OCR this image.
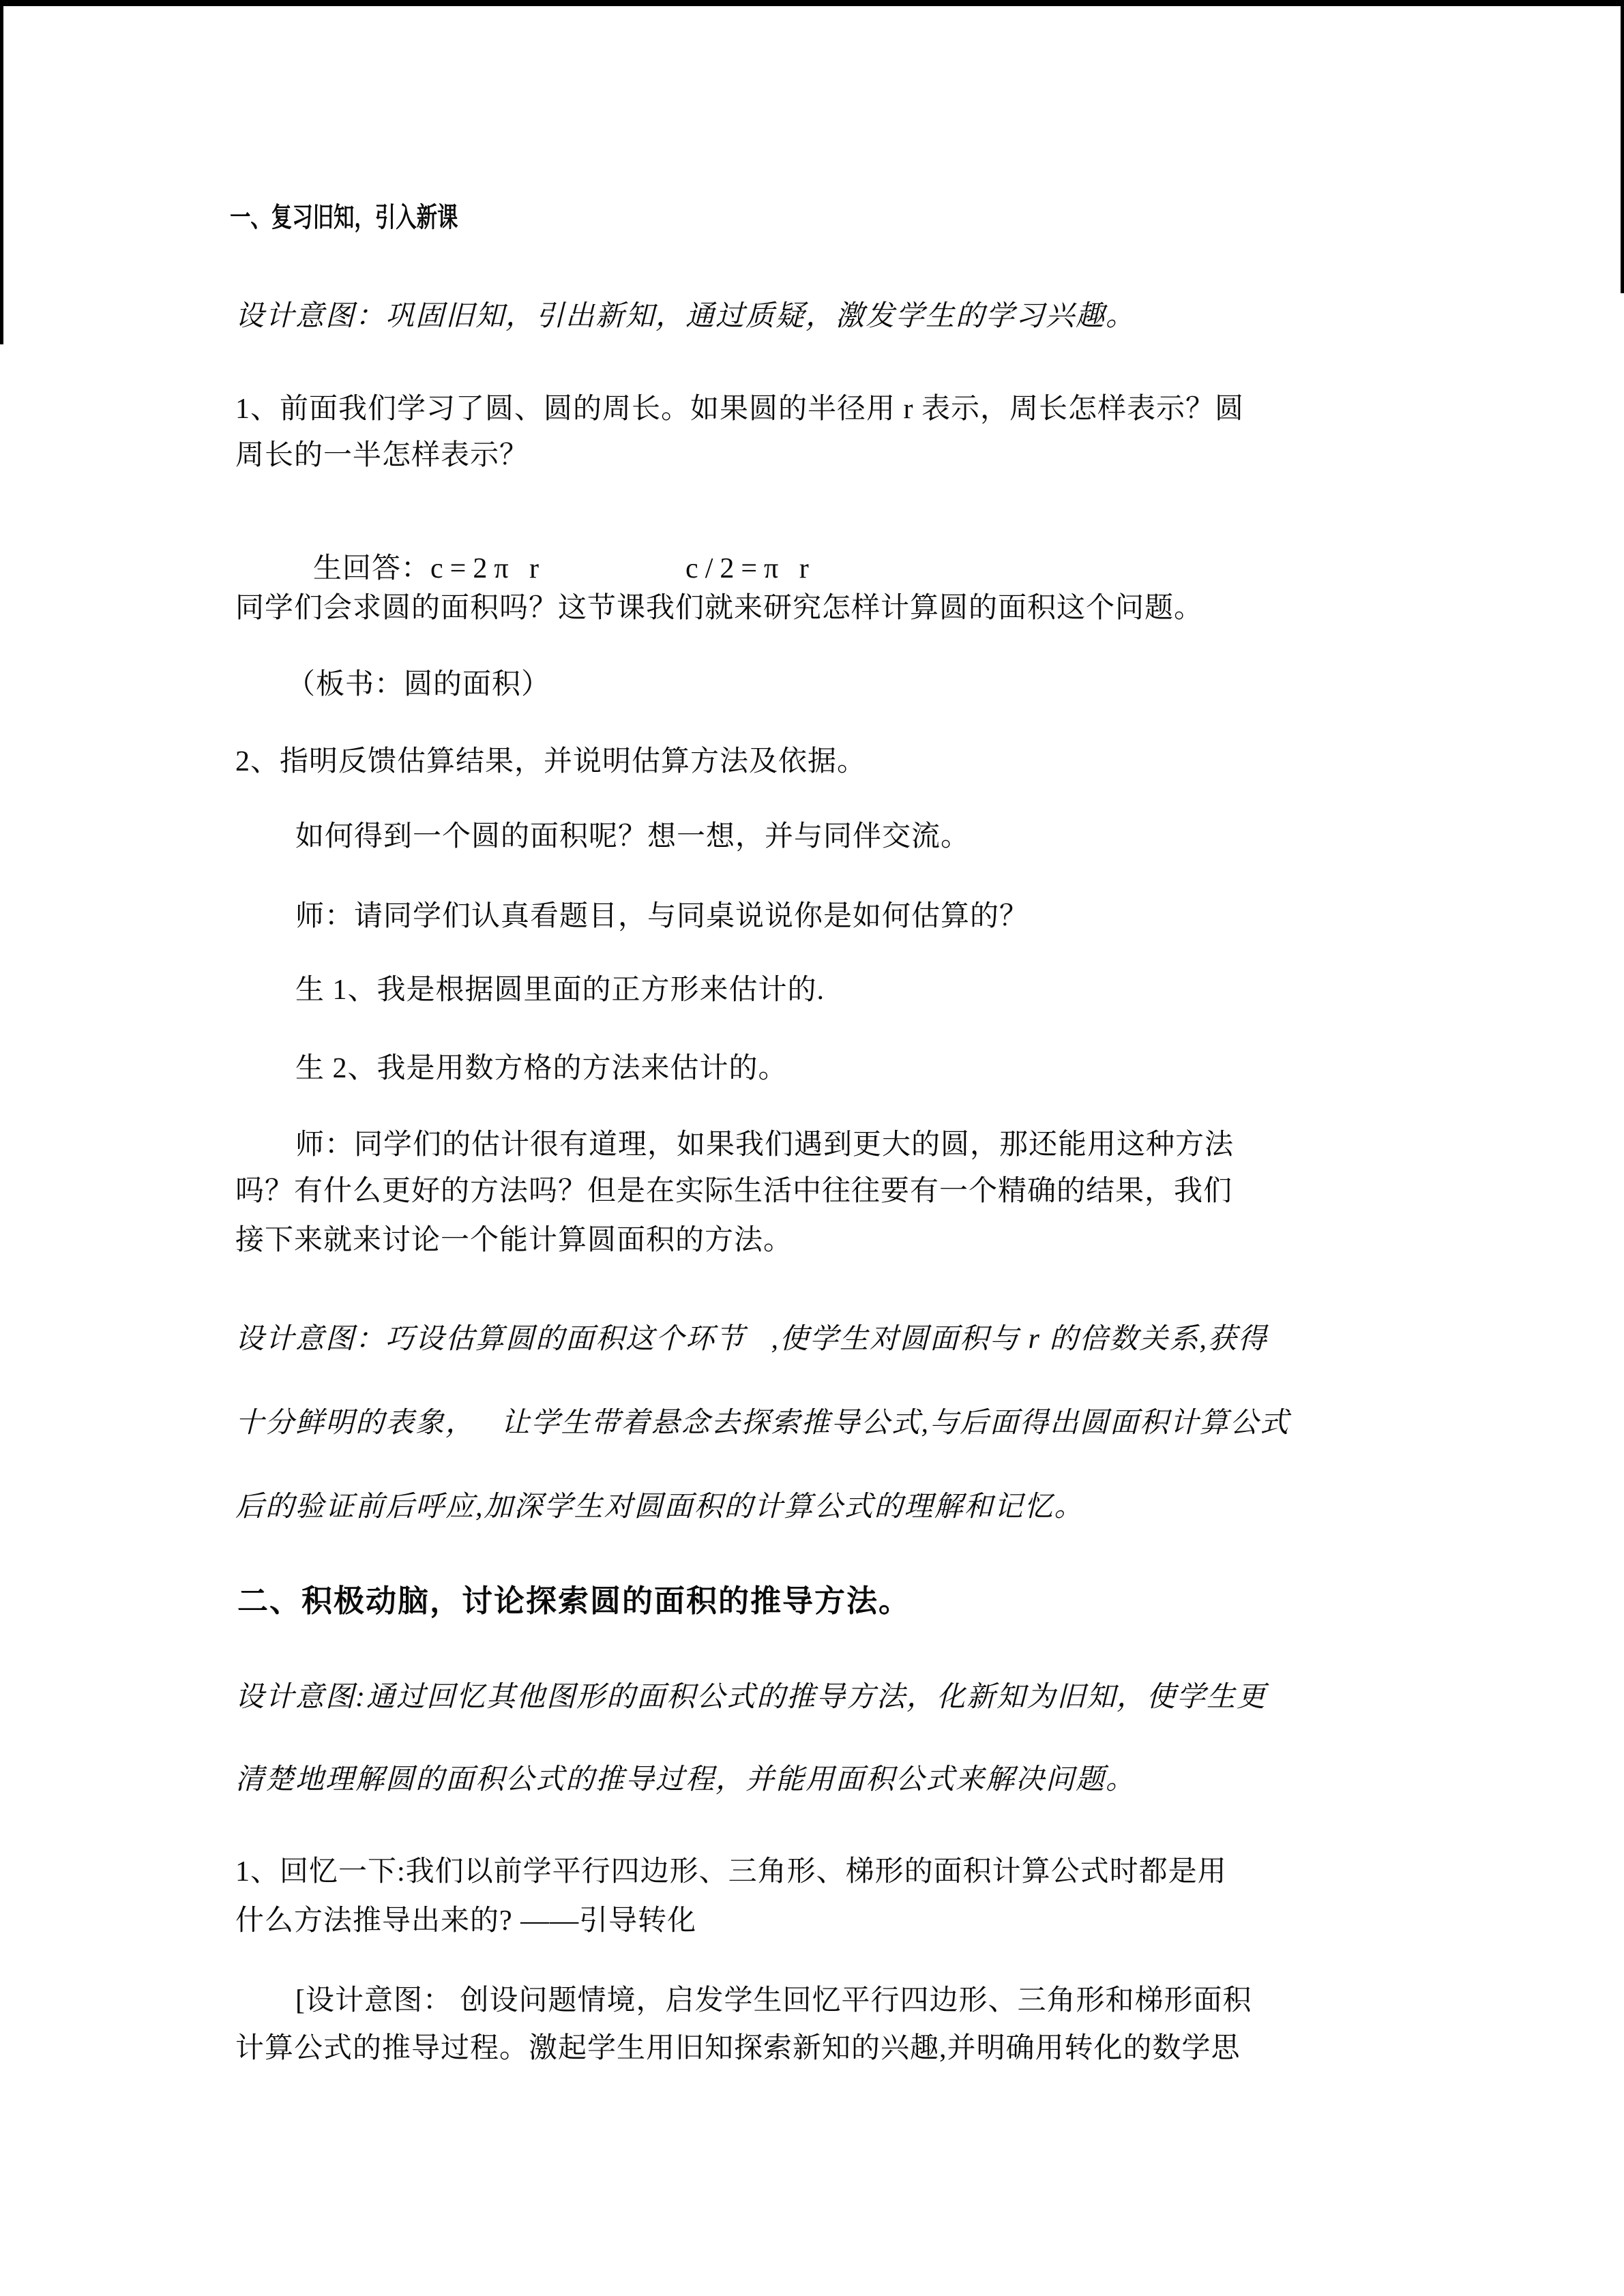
一、复习旧知，引入新课
设计意图：巩固旧知，引出新知，通过质疑，激发学生的学习兴趣。
1、前面我们学习了圆、圆的周长。如果圆的半径用 r 表示，周长怎样表示？圆
周长的一半怎样表示？

生回答：c=2π r	c/2=π r

同学们会求圆的面积吗？这节课我们就来研究怎样计算圆的面积这个问题。
（板书：圆的面积）
2、指明反馈估算结果，并说明估算方法及依据。
如何得到一个圆的面积呢？想一想，并与同伴交流。
师：请同学们认真看题目，与同桌说说你是如何估算的？
生 1、我是根据圆里面的正方形来估计的.
生 2、我是用数方格的方法来估计的。
师：同学们的估计很有道理，如果我们遇到更大的圆，那还能用这种方法
吗？有什么更好的方法吗？但是在实际生活中往往要有一个精确的结果，我们
接下来就来讨论一个能计算圆面积的方法。
设计意图：巧设估算圆的面积这个环节   ,使学生对圆面积与 r 的倍数关系,获得
十分鲜明的表象，   让学生带着悬念去探索推导公式,与后面得出圆面积计算公式
后的验证前后呼应,加深学生对圆面积的计算公式的理解和记忆。
二、积极动脑，讨论探索圆的面积的推导方法。
设计意图:通过回忆其他图形的面积公式的推导方法，化新知为旧知，使学生更
清楚地理解圆的面积公式的推导过程，并能用面积公式来解决问题。
1、回忆一下:我们以前学平行四边形、三角形、梯形的面积计算公式时都是用
什么方法推导出来的? ——引导转化
[设计意图： 创设问题情境，启发学生回忆平行四边形、三角形和梯形面积
计算公式的推导过程。激起学生用旧知探索新知的兴趣,并明确用转化的数学思
